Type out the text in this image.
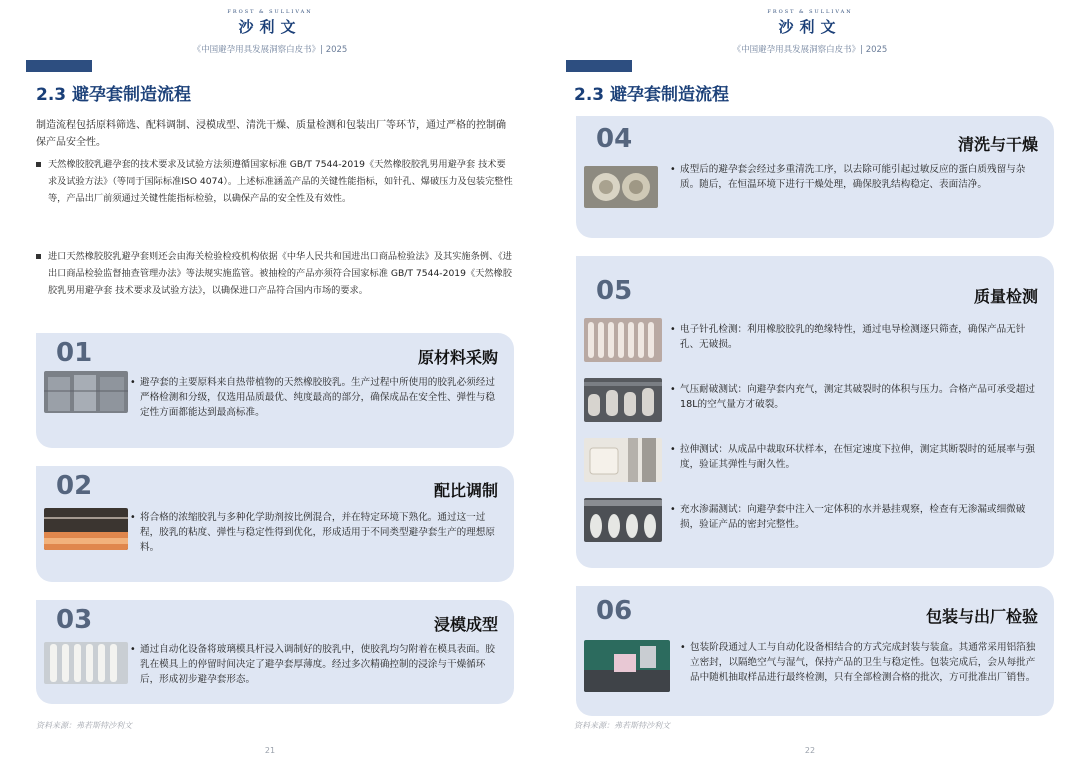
FROST & SULLIVAN
沙利文
《中国避孕用具发展洞察白皮书》| 2025
2.3 避孕套制造流程
制造流程包括原料筛选、配料调制、浸模成型、清洗干燥、质量检测和包装出厂等环节，通过严格的控制确保产品安全性。
天然橡胶胶乳避孕套的技术要求及试验方法须遵循国家标准 GB/T 7544-2019《天然橡胶胶乳男用避孕套 技术要求及试验方法》（等同于国际标准ISO 4074）。上述标准涵盖产品的关键性能指标，如针孔、爆破压力及包装完整性等，产品出厂前须通过关键性能指标检验，以确保产品的安全性及有效性。
进口天然橡胶胶乳避孕套则还会由海关检验检疫机构依据《中华人民共和国进出口商品检验法》及其实施条例、《进出口商品检验监督抽查管理办法》等法规实施监管。被抽检的产品亦须符合国家标准 GB/T 7544-2019《天然橡胶胶乳男用避孕套 技术要求及试验方法》，以确保进口产品符合国内市场的要求。
01	原材料采购
• 避孕套的主要原料来自热带植物的天然橡胶胶乳。生产过程中所使用的胶乳必须经过严格检测和分级，仅选用品质最优、纯度最高的部分，确保成品在安全性、弹性与稳定性方面都能达到最高标准。
02	配比调制
• 将合格的浓缩胶乳与多种化学助剂按比例混合，并在特定环境下熟化。通过这一过程，胶乳的粘度、弹性与稳定性得到优化，形成适用于不同类型避孕套生产的理想原料。
03	浸模成型
• 通过自动化设备将玻璃模具杆浸入调制好的胶乳中，使胶乳均匀附着在模具表面。胶乳在模具上的停留时间决定了避孕套厚薄度。经过多次精确控制的浸涂与干燥循环后，形成初步避孕套形态。
资料来源：弗若斯特沙利文
21
FROST & SULLIVAN
沙利文
《中国避孕用具发展洞察白皮书》| 2025
2.3 避孕套制造流程
04	清洗与干燥
• 成型后的避孕套会经过多重清洗工序，以去除可能引起过敏反应的蛋白质残留与杂质。随后，在恒温环境下进行干燥处理，确保胶乳结构稳定、表面洁净。
05	质量检测
• 电子针孔检测：利用橡胶胶乳的绝缘特性，通过电导检测逐只筛查，确保产品无针孔、无破损。
• 气压耐破测试：向避孕套内充气，测定其破裂时的体积与压力。合格产品可承受超过18L的空气量方才破裂。
• 拉伸测试：从成品中裁取环状样本，在恒定速度下拉伸，测定其断裂时的延展率与强度，验证其弹性与耐久性。
• 充水渗漏测试：向避孕套中注入一定体积的水并悬挂观察，检查有无渗漏或细微破损，验证产品的密封完整性。
06	包装与出厂检验
• 包装阶段通过人工与自动化设备相结合的方式完成封装与装盒。其通常采用铝箔独立密封，以隔绝空气与湿气，保持产品的卫生与稳定性。包装完成后，会从每批产品中随机抽取样品进行最终检测，只有全部检测合格的批次，方可批准出厂销售。
资料来源：弗若斯特沙利文
22
